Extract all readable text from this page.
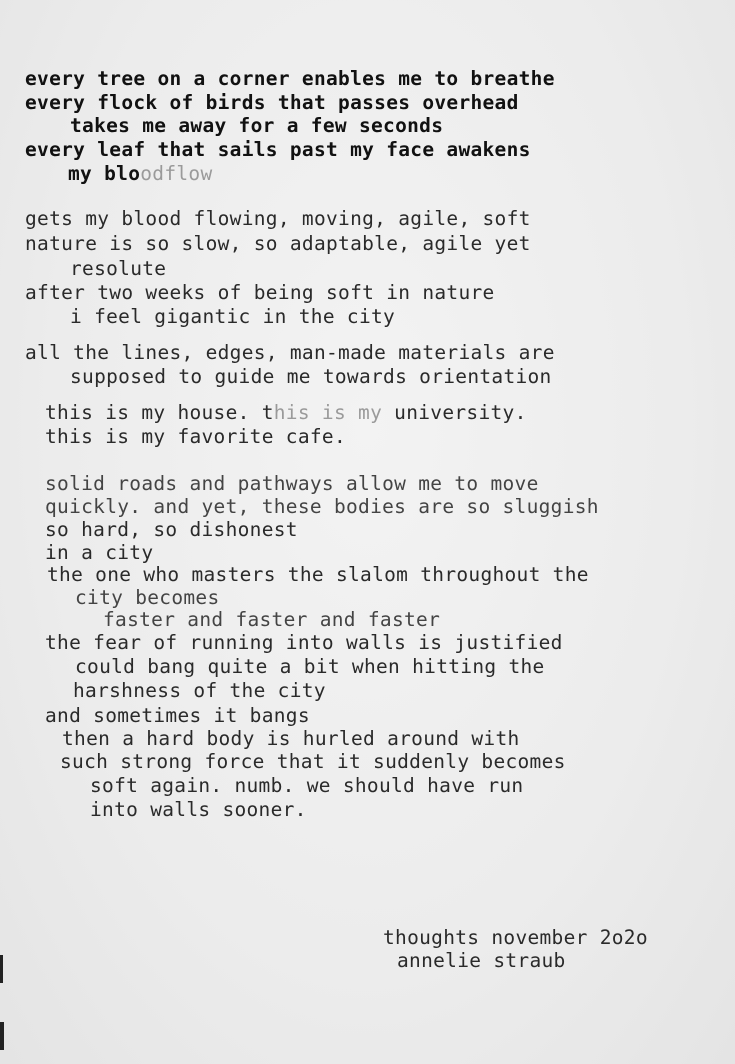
every tree on a corner enables me to breathe
every flock of birds that passes overhead
takes me away for a few seconds
every leaf that sails past my face awakens
my bloodflow
gets my blood flowing, moving, agile, soft
nature is so slow, so adaptable, agile yet
resolute
after two weeks of being soft in nature
i feel gigantic in the city
all the lines, edges, man-made materials are
supposed to guide me towards orientation
this is my house. this is my university.
this is my favorite cafe.
solid roads and pathways allow me to move
quickly. and yet, these bodies are so sluggish
so hard, so dishonest
in a city
the one who masters the slalom throughout the
city becomes
faster and faster and faster
the fear of running into walls is justified
could bang quite a bit when hitting the
harshness of the city
and sometimes it bangs
then a hard body is hurled around with
such strong force that it suddenly becomes
soft again. numb. we should have run
into walls sooner.
thoughts november 2o2o
annelie straub
